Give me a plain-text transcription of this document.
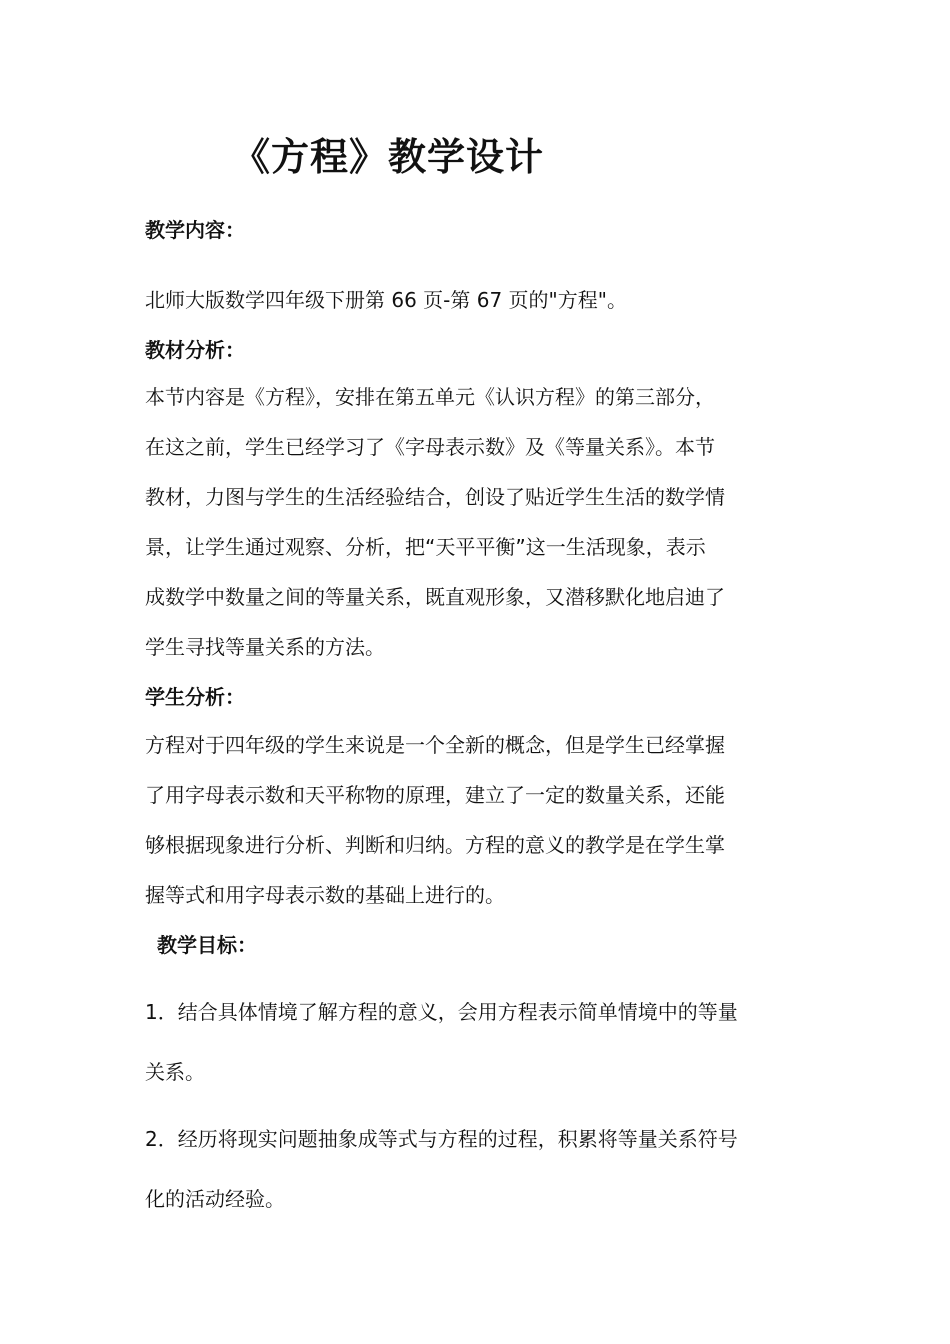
《方程》教学设计
教学内容：
北师大版数学四年级下册第 66 页-第 67 页的"方程"。
教材分析：
本节内容是《方程》，安排在第五单元《认识方程》的第三部分，
在这之前，学生已经学习了《字母表示数》及《等量关系》。本节
教材，力图与学生的生活经验结合，创设了贴近学生生活的数学情
景，让学生通过观察、分析，把“天平平衡”这一生活现象，表示
成数学中数量之间的等量关系，既直观形象，又潜移默化地启迪了
学生寻找等量关系的方法。
学生分析：
方程对于四年级的学生来说是一个全新的概念，但是学生已经掌握
了用字母表示数和天平称物的原理，建立了一定的数量关系，还能
够根据现象进行分析、判断和归纳。方程的意义的教学是在学生掌
握等式和用字母表示数的基础上进行的。
教学目标：
1．结合具体情境了解方程的意义，会用方程表示简单情境中的等量
关系。
2．经历将现实问题抽象成等式与方程的过程，积累将等量关系符号
化的活动经验。
